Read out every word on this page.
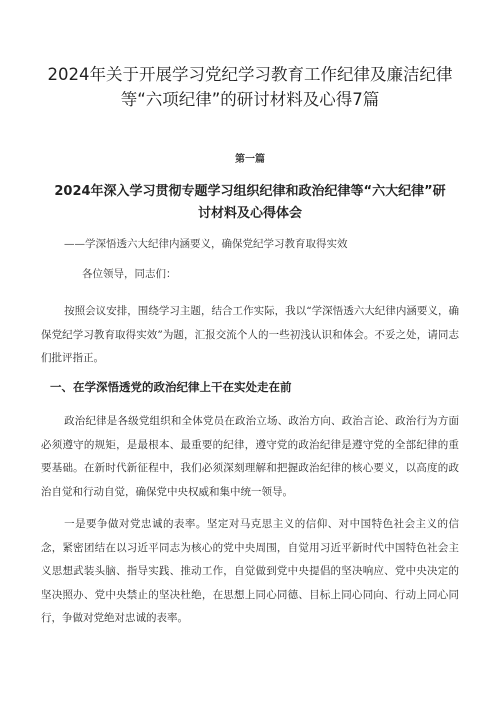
2024年关于开展学习党纪学习教育工作纪律及廉洁纪律等“六项纪律”的研讨材料及心得7篇
第一篇
2024年深入学习贯彻专题学习组织纪律和政治纪律等“六大纪律”研讨材料及心得体会
——学深悟透六大纪律内涵要义，确保党纪学习教育取得实效
各位领导，同志们：

按照会议安排，围绕学习主题，结合工作实际，我以“学深悟透六大纪律内涵要义，确保党纪学习教育取得实效”为题，汇报交流个人的一些初浅认识和体会。不妥之处，请同志们批评指正。

一、在学深悟透党的政治纪律上干在实处走在前

政治纪律是各级党组织和全体党员在政治立场、政治方向、政治言论、政治行为方面必须遵守的规矩，是最根本、最重要的纪律，遵守党的政治纪律是遵守党的全部纪律的重要基础。在新时代新征程中，我们必须深刻理解和把握政治纪律的核心要义，以高度的政治自觉和行动自觉，确保党中央权威和集中统一领导。

一是要争做对党忠诚的表率。坚定对马克思主义的信仰、对中国特色社会主义的信念，紧密团结在以习近平同志为核心的党中央周围，自觉用习近平新时代中国特色社会主义思想武装头脑、指导实践、推动工作，自觉做到党中央提倡的坚决响应、党中央决定的坚决照办、党中央禁止的坚决杜绝，在思想上同心同德、目标上同心同向、行动上同心同行，争做对党绝对忠诚的表率。
